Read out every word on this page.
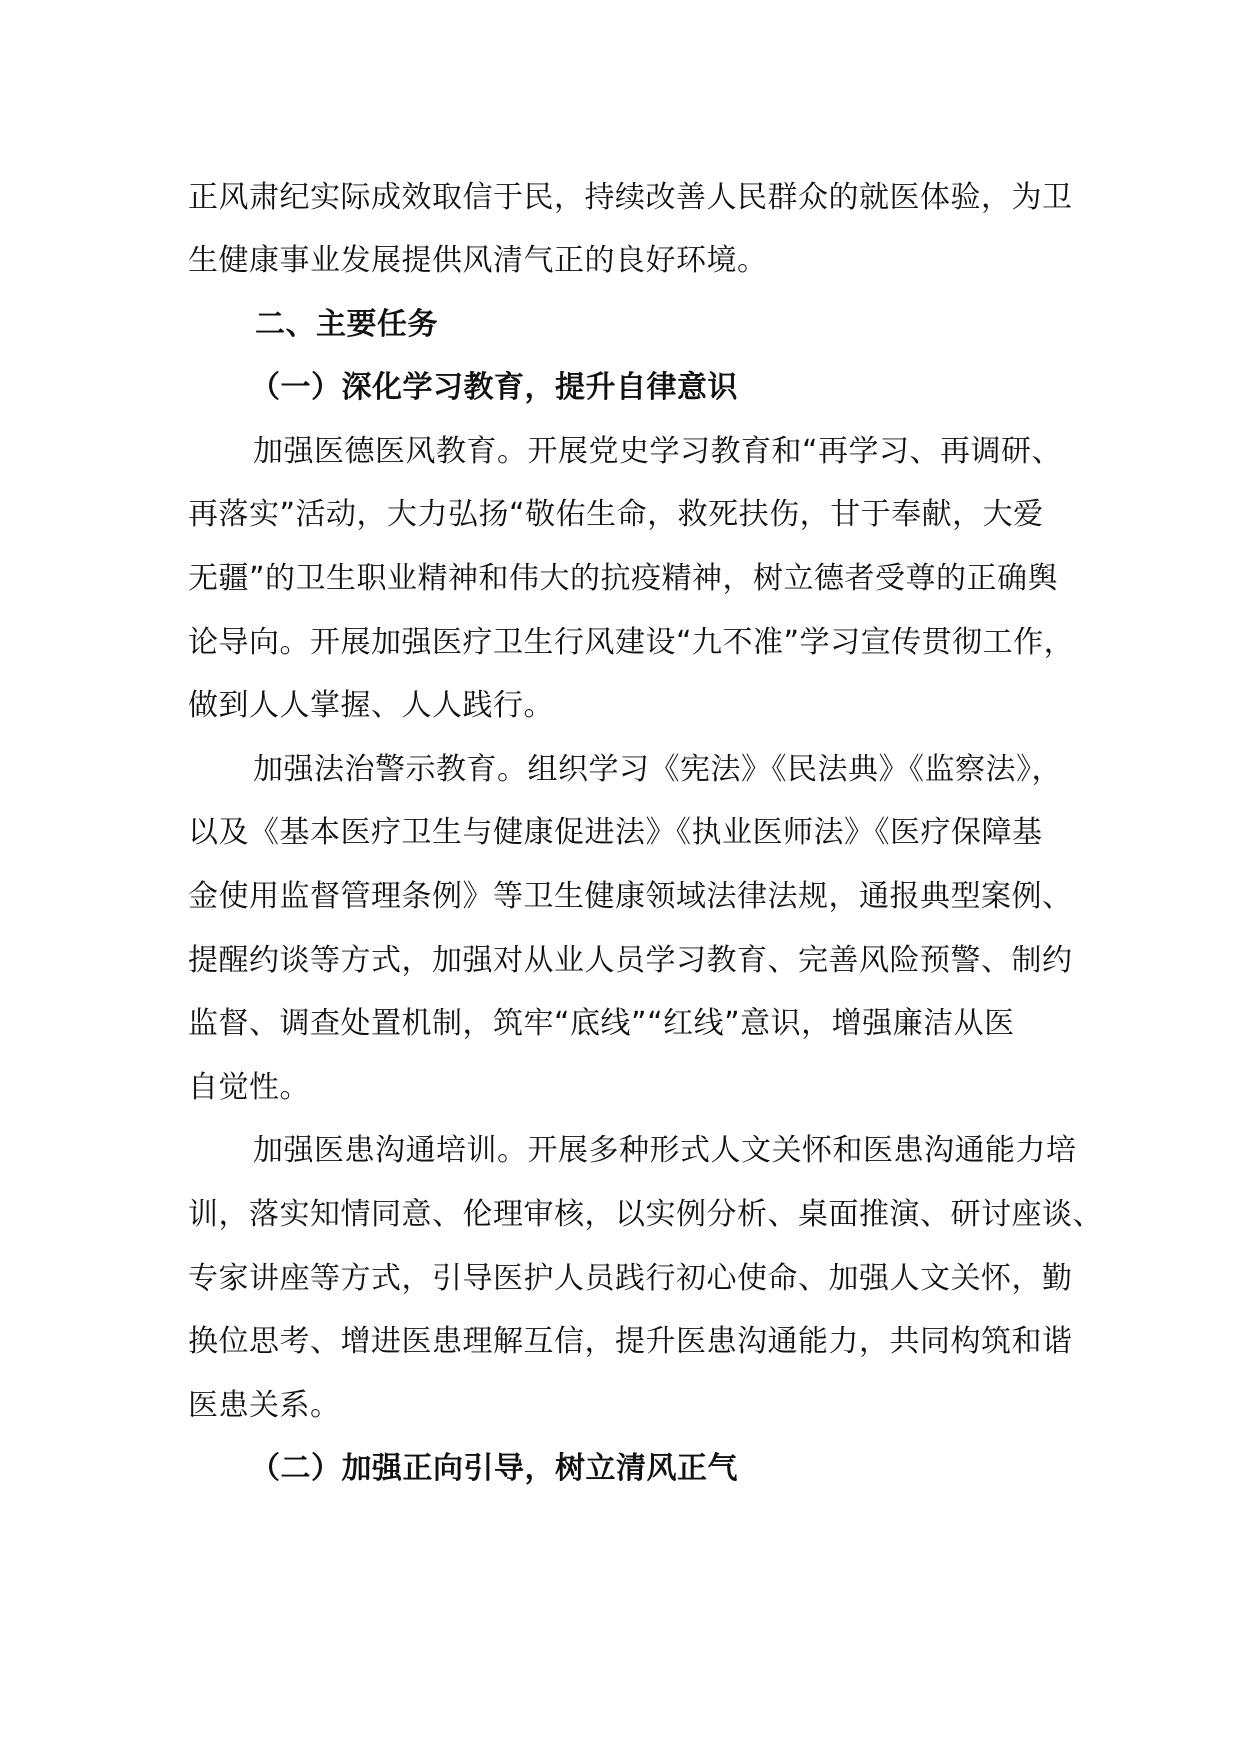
正风肃纪实际成效取信于民，持续改善人民群众的就医体验，为卫
生健康事业发展提供风清气正的良好环境。
二、主要任务
（一）深化学习教育，提升自律意识
加强医德医风教育。开展党史学习教育和“再学习、再调研、
再落实”活动，大力弘扬“敬佑生命，救死扶伤，甘于奉献，大爱
无疆”的卫生职业精神和伟大的抗疫精神，树立德者受尊的正确舆
论导向。开展加强医疗卫生行风建设“九不准”学习宣传贯彻工作，
做到人人掌握、人人践行。
加强法治警示教育。组织学习《宪法》《民法典》《监察法》，
以及《基本医疗卫生与健康促进法》《执业医师法》《医疗保障基
金使用监督管理条例》等卫生健康领域法律法规，通报典型案例、
提醒约谈等方式，加强对从业人员学习教育、完善风险预警、制约
监督、调查处置机制，筑牢“底线”“红线”意识，增强廉洁从医
自觉性。
加强医患沟通培训。开展多种形式人文关怀和医患沟通能力培
训，落实知情同意、伦理审核，以实例分析、桌面推演、研讨座谈、
专家讲座等方式，引导医护人员践行初心使命、加强人文关怀，勤
换位思考、增进医患理解互信，提升医患沟通能力，共同构筑和谐
医患关系。
（二）加强正向引导，树立清风正气
